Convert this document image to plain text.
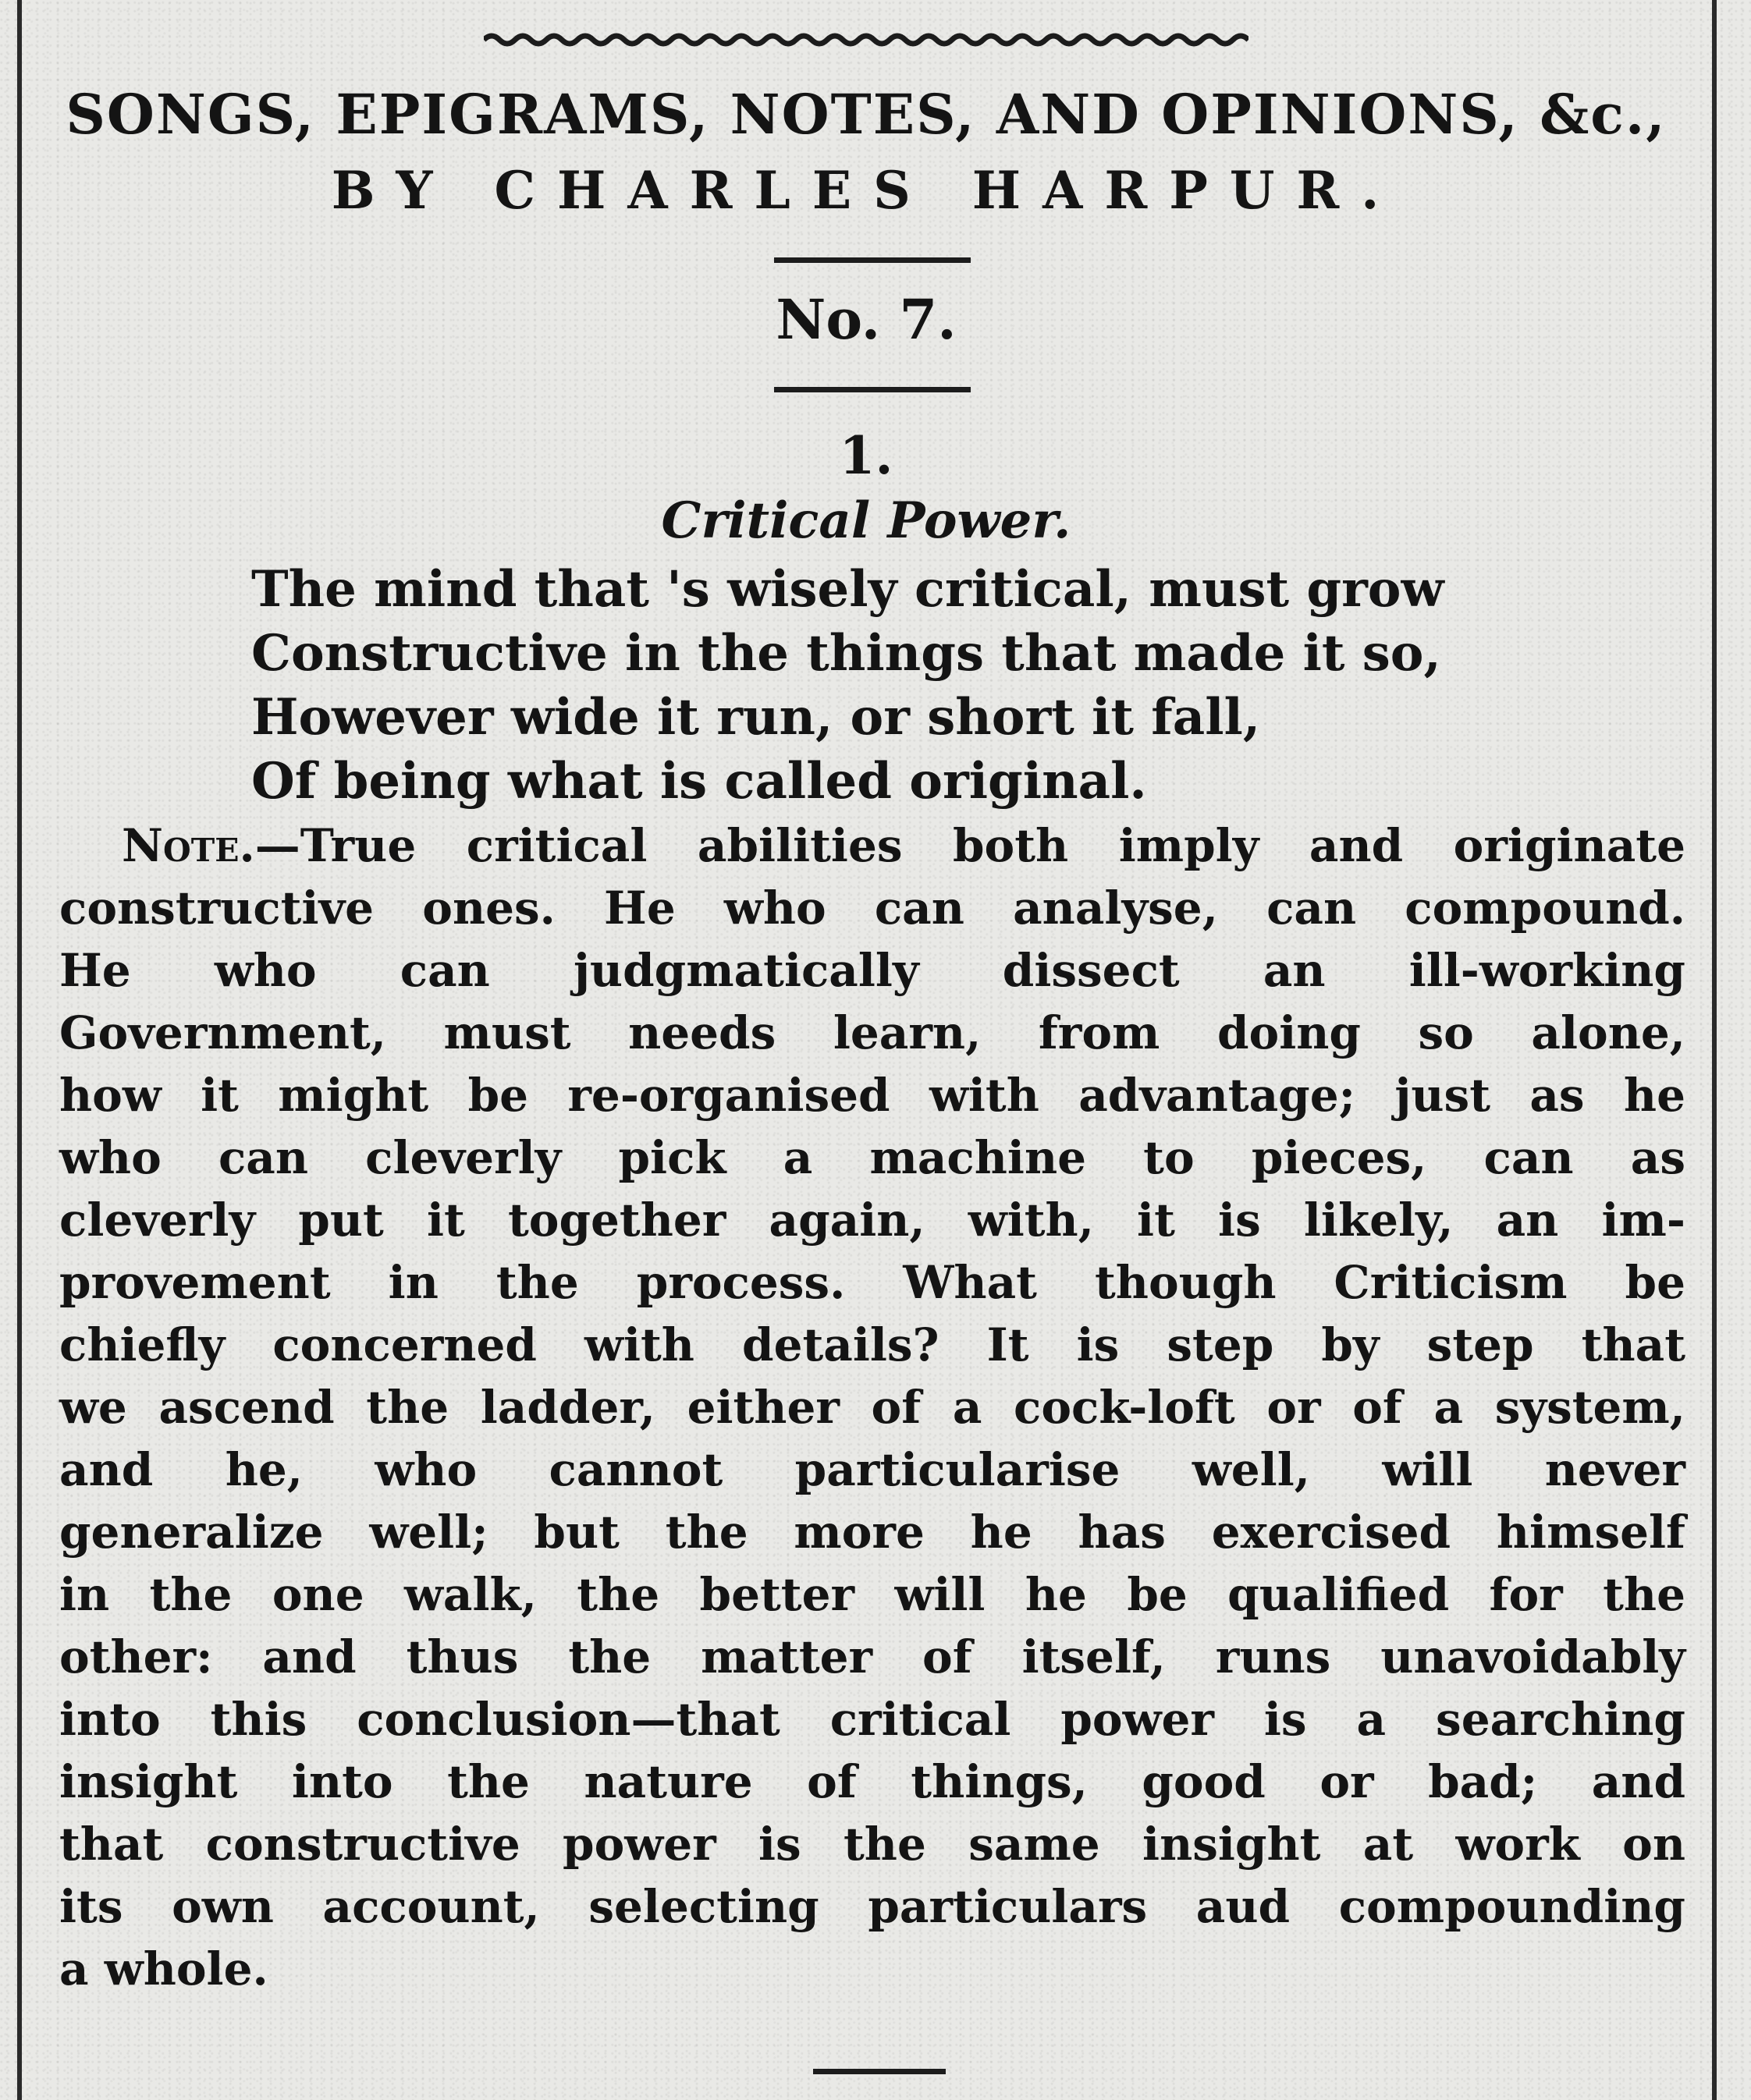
SONGS, EPIGRAMS, NOTES, AND OPINIONS, &c.,
BY CHARLES HARPUR.
No. 7.
1.
Critical Power.
The mind that 's wisely critical, must grow
Constructive in the things that made it so,
However wide it run, or short it fall,
Of being what is called original.
Note.—True critical abilities both imply and originate
constructive ones. He who can analyse, can compound.
He who can judgmatically dissect an ill-working
Government, must needs learn, from doing so alone,
how it might be re-organised with advantage; just as he
who can cleverly pick a machine to pieces, can as
cleverly put it together again, with, it is likely, an im-
provement in the process. What though Criticism be
chiefly concerned with details? It is step by step that
we ascend the ladder, either of a cock-loft or of a system,
and he, who cannot particularise well, will never
generalize well; but the more he has exercised himself
in the one walk, the better will he be qualified for the
other: and thus the matter of itself, runs unavoidably
into this conclusion—that critical power is a searching
insight into the nature of things, good or bad; and
that constructive power is the same insight at work on
its own account, selecting particulars aud compounding
a whole.
